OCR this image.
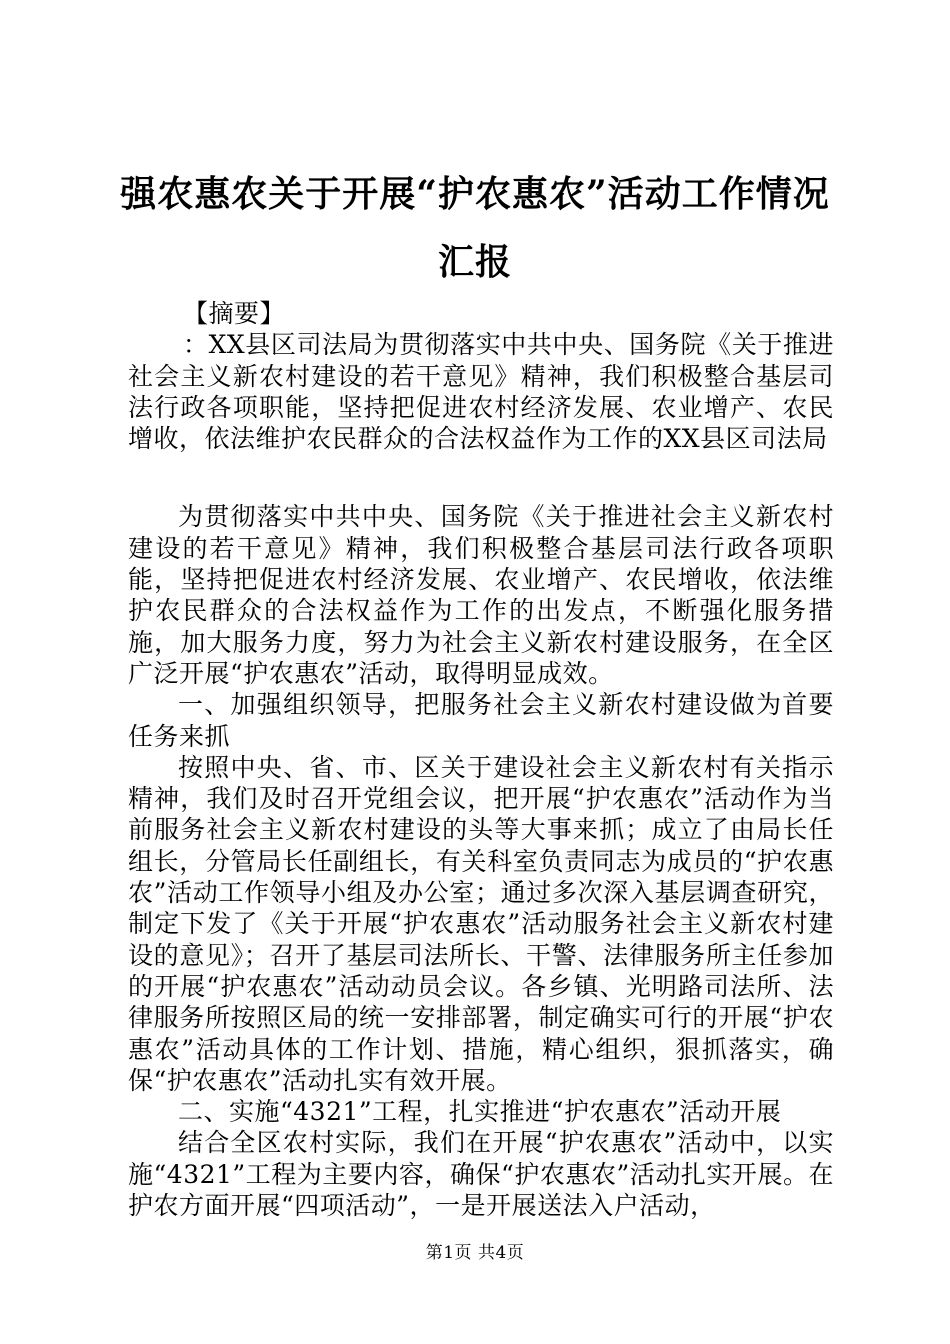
强农惠农关于开展“护农惠农”活动工作情况
汇报

【摘要】

：XX县区司法局为贯彻落实中共中央、国务院《关于推进社会主义新农村建设的若干意见》精神，我们积极整合基层司法行政各项职能，坚持把促进农村经济发展、农业增产、农民增收，依法维护农民群众的合法权益作为工作的XX县区司法局

为贯彻落实中共中央、国务院《关于推进社会主义新农村建设的若干意见》精神，我们积极整合基层司法行政各项职能，坚持把促进农村经济发展、农业增产、农民增收，依法维护农民群众的合法权益作为工作的出发点，不断强化服务措施，加大服务力度，努力为社会主义新农村建设服务，在全区广泛开展“护农惠农”活动，取得明显成效。

一、加强组织领导，把服务社会主义新农村建设做为首要任务来抓

按照中央、省、市、区关于建设社会主义新农村有关指示精神，我们及时召开党组会议，把开展“护农惠农”活动作为当前服务社会主义新农村建设的头等大事来抓；成立了由局长任组长，分管局长任副组长，有关科室负责同志为成员的“护农惠农”活动工作领导小组及办公室；通过多次深入基层调查研究，制定下发了《关于开展“护农惠农”活动服务社会主义新农村建设的意见》；召开了基层司法所长、干警、法律服务所主任参加的开展“护农惠农”活动动员会议。各乡镇、光明路司法所、法律服务所按照区局的统一安排部署，制定确实可行的开展“护农惠农”活动具体的工作计划、措施，精心组织，狠抓落实，确保“护农惠农”活动扎实有效开展。

二、实施“4321”工程，扎实推进“护农惠农”活动开展

结合全区农村实际，我们在开展“护农惠农”活动中，以实施“4321”工程为主要内容，确保“护农惠农”活动扎实开展。在护农方面开展“四项活动”，一是开展送法入户活动，

第1页 共4页
